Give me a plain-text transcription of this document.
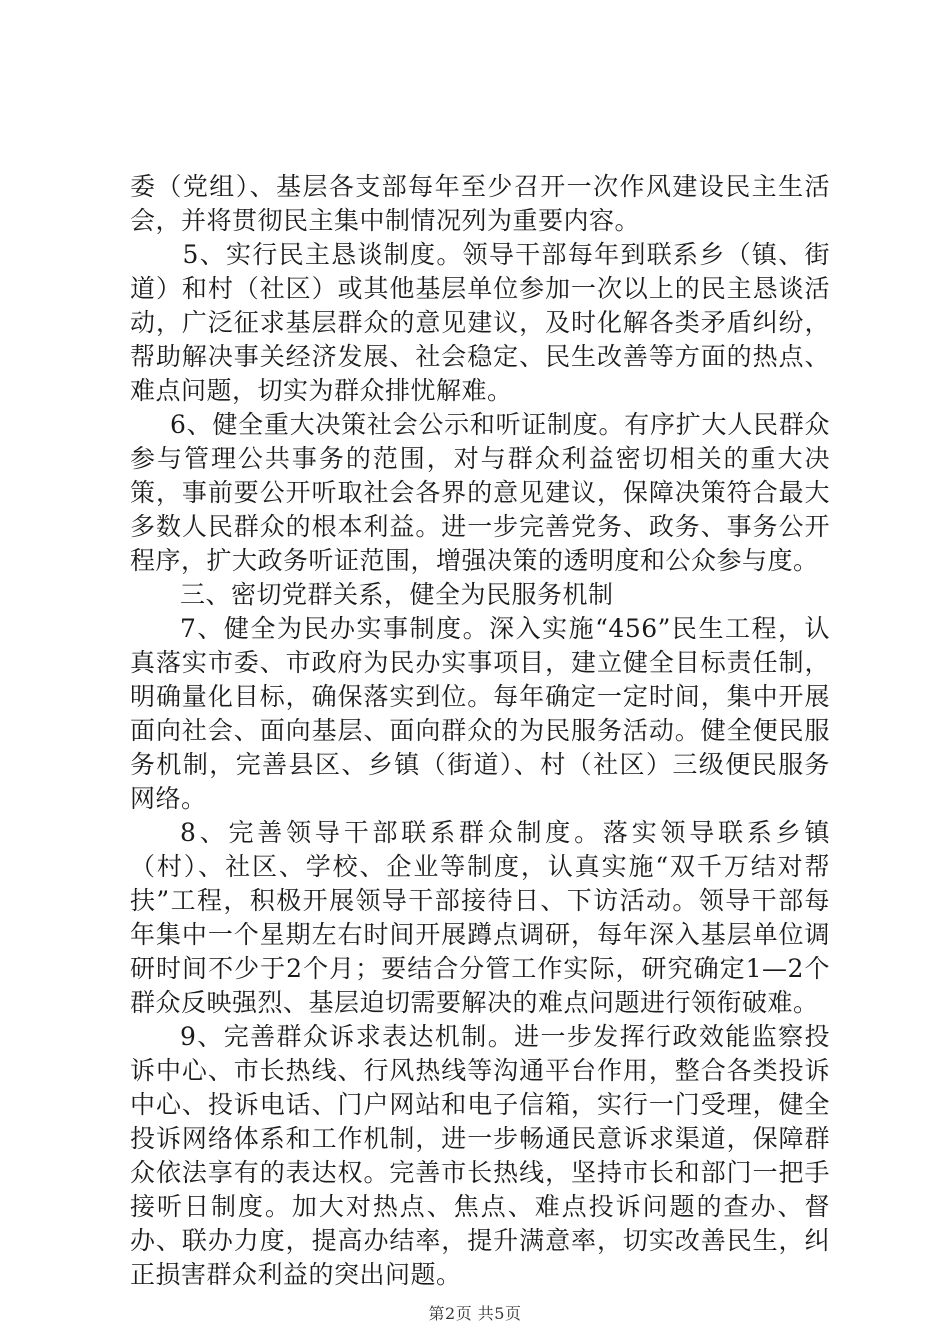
委（党组）、基层各支部每年至少召开一次作风建设民主生活会，并将贯彻民主集中制情况列为重要内容。

5、实行民主恳谈制度。领导干部每年到联系乡（镇、街道）和村（社区）或其他基层单位参加一次以上的民主恳谈活动，广泛征求基层群众的意见建议，及时化解各类矛盾纠纷，帮助解决事关经济发展、社会稳定、民生改善等方面的热点、难点问题，切实为群众排忧解难。

6、健全重大决策社会公示和听证制度。有序扩大人民群众参与管理公共事务的范围，对与群众利益密切相关的重大决策，事前要公开听取社会各界的意见建议，保障决策符合最大多数人民群众的根本利益。进一步完善党务、政务、事务公开程序，扩大政务听证范围，增强决策的透明度和公众参与度。

三、密切党群关系，健全为民服务机制

7、健全为民办实事制度。深入实施“456”民生工程，认真落实市委、市政府为民办实事项目，建立健全目标责任制，明确量化目标，确保落实到位。每年确定一定时间，集中开展面向社会、面向基层、面向群众的为民服务活动。健全便民服务机制，完善县区、乡镇（街道）、村（社区）三级便民服务网络。

8、完善领导干部联系群众制度。落实领导联系乡镇（村）、社区、学校、企业等制度，认真实施“双千万结对帮扶”工程，积极开展领导干部接待日、下访活动。领导干部每年集中一个星期左右时间开展蹲点调研，每年深入基层单位调研时间不少于2个月；要结合分管工作实际，研究确定1—2个群众反映强烈、基层迫切需要解决的难点问题进行领衔破难。

9、完善群众诉求表达机制。进一步发挥行政效能监察投诉中心、市长热线、行风热线等沟通平台作用，整合各类投诉中心、投诉电话、门户网站和电子信箱，实行一门受理，健全投诉网络体系和工作机制，进一步畅通民意诉求渠道，保障群众依法享有的表达权。完善市长热线，坚持市长和部门一把手接听日制度。加大对热点、焦点、难点投诉问题的查办、督办、联办力度，提高办结率，提升满意率，切实改善民生，纠正损害群众利益的突出问题。

第2页 共5页
